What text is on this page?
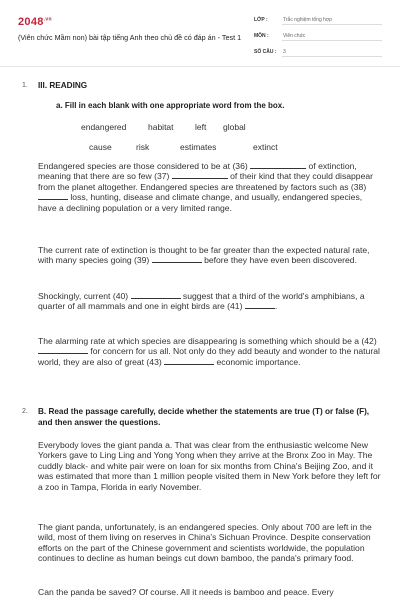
$2048^{.vn}$
(Viên chức Mầm non) bài tập tiếng Anh theo chủ đề có đáp án - Test 1
LỚP :	Trắc nghiệm tổng hợp
MÔN :	Viên chức
SỐ CÂU : 3
1. III. READING
a. Fill in each blank with one appropriate word from the box.
endangered	habitat	left global
cause	risk	estimates	extinct
Endangered species are those considered to be at (36)	of extinction, meaning that there are so few (37)	of their kind that they could disappear from the planet altogether. Endangered species are threatened by factors such as (38)  loss, hunting, disease and climate change, and usually, endangered species, have a declining population or a very limited range.
The current rate of extinction is thought to be far greater than the expected natural rate, with many species going (39)	before they have even been discovered.
Shockingly, current (40)	suggest that a third of the world's amphibians, a quarter of all mammals and one in eight birds are (41)	.
The alarming rate at which species are disappearing is something which should be a (42)  for concern for us all. Not only do they add beauty and wonder to the natural world, they are also of great (43)	economic importance.
2. B. Read the passage carefully, decide whether the statements are true (T) or false (F), and then answer the questions.
Everybody loves the giant panda a. That was clear from the enthusiastic welcome New Yorkers gave to Ling Ling and Yong Yong when they arrive at the Bronx Zoo in May. The cuddly black- and white pair were on loan for six months from China's Beijing Zoo, and it was estimated that more than 1 million people visited them in New York before they left for a zoo in Tampa, Florida in early November.
The giant panda, unfortunately, is an endangered species. Only about 700 are left in the wild, most of them living on reserves in China's Sichuan Province. Despite conservation efforts on the part of the Chinese government and scientists worldwide, the population continues to decline as human beings cut down bamboo, the panda's primary food.
Can the panda be saved? Of course. All it needs is bamboo and peace. Every
